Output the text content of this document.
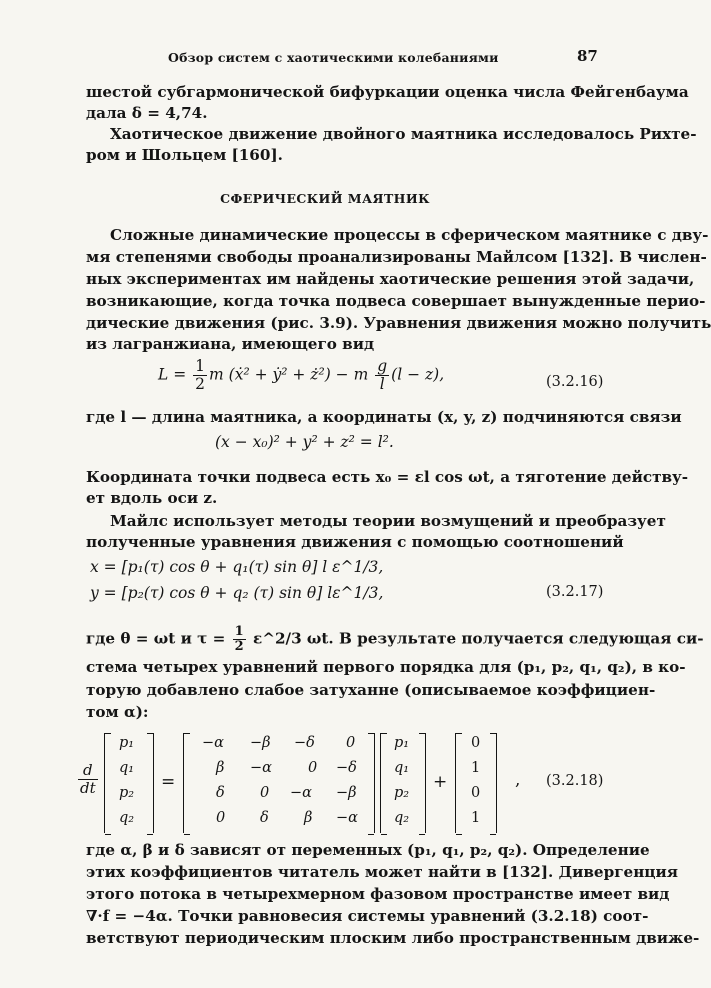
Обзор систем с хаотическими колебаниями	87
шестой субгармонической бифуркации оценка числа Фейгенбаума
дала δ = 4,74.
Хаотическое движение двойного маятника исследовалось Рихте-
ром и Шольцем [160].
СФЕРИЧЕСКИЙ МАЯТНИК
Сложные динамические процессы в сферическом маятнике с дву-
мя степенями свободы проанализированы Майлсом [132]. В числен-
ных экспериментах им найдены хаотические решения этой задачи,
возникающие, когда точка подвеса совершает вынужденные перио-
дические движения (рис. 3.9). Уравнения движения можно получить
из лагранжиана, имеющего вид
$L = \frac{1}{2}$ m (ẋ² + ẏ² + ż²) − m $\frac{g}{l} (l - z)$,	(3.2.16)
где l — длина маятника, а координаты (x, y, z) подчиняются связи
(x − x₀)² + y² + z² = l².
Координата точки подвеса есть x₀ = εl cos ωt, а тяготение действу-
ет вдоль оси z.
Майлс использует методы теории возмущений и преобразует
полученные уравнения движения с помощью соотношений
x = [p₁(τ) cos θ + q₁(τ) sin θ] l ε^1/3,
y = [p₂(τ) cos θ + q₂ (τ) sin θ] lε^1/3,	(3.2.17)
где θ = ωt и $\tau = \frac{1}{2}$ ε^2/3 ωt. В результате получается следующая си-
стема четырех уравнений первого порядка для (p₁, p₂, q₁, q₂), в ко-
торую добавлено слабое затуханне (описываемое коэффициен-
том α):
$\frac{d}{dt}$
p₁
q₁
p₂
q₂
=
−α −β −δ 0
β −α 0 −δ
δ 0 −α −β
0 δ β −α
p₁
q₁
p₂
q₂
+
0
1
0
1
, (3.2.18)
где α, β и δ зависят от переменных (p₁, q₁, p₂, q₂). Определение
этих коэффициентов читатель может найти в [132]. Дивергенция
этого потока в четырехмерном фазовом пространстве имеет вид
∇·f = −4α. Точки равновесия системы уравнений (3.2.18) соот-
ветствуют периодическим плоским либо пространственным движе-
